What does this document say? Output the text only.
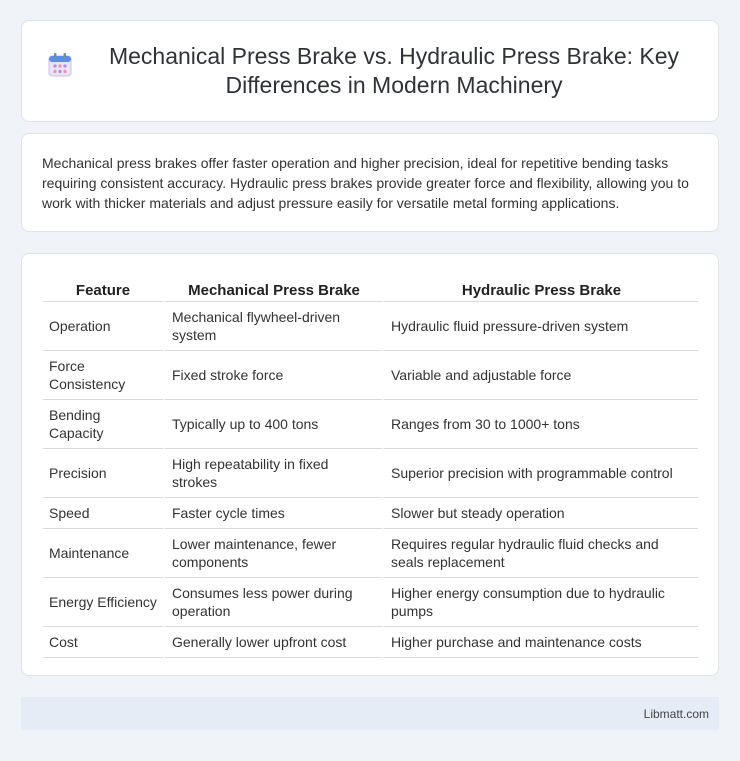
Mechanical Press Brake vs. Hydraulic Press Brake: Key Differences in Modern Machinery

Mechanical press brakes offer faster operation and higher precision, ideal for repetitive bending tasks requiring consistent accuracy. Hydraulic press brakes provide greater force and flexibility, allowing you to work with thicker materials and adjust pressure easily for versatile metal forming applications.

Feature	Mechanical Press Brake	Hydraulic Press Brake
Operation	Mechanical flywheel-driven system	Hydraulic fluid pressure-driven system
Force Consistency	Fixed stroke force	Variable and adjustable force
Bending Capacity	Typically up to 400 tons	Ranges from 30 to 1000+ tons
Precision	High repeatability in fixed strokes	Superior precision with programmable control
Speed	Faster cycle times	Slower but steady operation
Maintenance	Lower maintenance, fewer components	Requires regular hydraulic fluid checks and seals replacement
Energy Efficiency	Consumes less power during operation	Higher energy consumption due to hydraulic pumps
Cost	Generally lower upfront cost	Higher purchase and maintenance costs
Libmatt.com
